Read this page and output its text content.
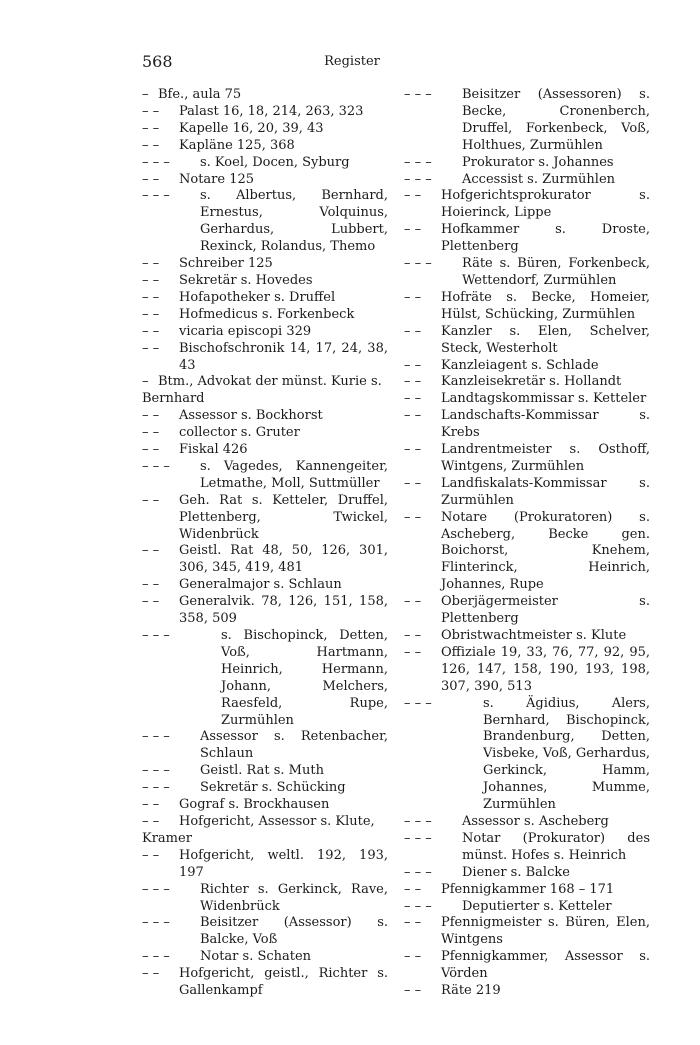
568	Register
– Bfe., aula 75
– –	Palast 16, 18, 214, 263, 323
– –	Kapelle 16, 20, 39, 43
– –	Kapläne 125, 368
– – –	s. Koel, Docen, Syburg
– –	Notare 125
– – –	s. Albertus, Bernhard, Ernestus, Volquinus, Gerhardus, Lubbert, Rexinck, Rolandus, Themo
– –	Schreiber 125
– –	Sekretär s. Hovedes
– –	Hofapotheker s. Druffel
– –	Hofmedicus s. Forkenbeck
– –	vicaria episcopi 329
– –	Bischofschronik 14, 17, 24, 38, 43
– Btm., Advokat der münst. Kurie s.
Bernhard
– –	Assessor s. Bockhorst
– –	collector s. Gruter
– –	Fiskal 426
– – –	s. Vagedes, Kannengeiter, Letmathe, Moll, Suttmüller
– –	Geh. Rat s. Ketteler, Druffel, Plettenberg, Twickel, Widenbrück
– –	Geistl. Rat 48, 50, 126, 301, 306, 345, 419, 481
– –	Generalmajor s. Schlaun
– –	Generalvik. 78, 126, 151, 158, 358, 509
– – –	s. Bischopinck, Detten, Voß, Hartmann, Heinrich, Hermann, Johann, Melchers, Raesfeld, Rupe, Zurmühlen
– – –	Assessor s. Retenbacher, Schlaun
– – –	Geistl. Rat s. Muth
– – –	Sekretär s. Schücking
– –	Gograf s. Brockhausen
– –	Hofgericht, Assessor s. Klute,
Kramer
– –	Hofgericht, weltl. 192, 193, 197
– – –	Richter s. Gerkinck, Rave, Widenbrück
– – –	Beisitzer (Assessor) s. Balcke, Voß
– – –	Notar s. Schaten
– –	Hofgericht, geistl., Richter s. Gallenkampf
– – –	Beisitzer (Assessoren) s. Becke, Cronenberch, Druffel, Forkenbeck, Voß, Holthues, Zurmühlen
– – –	Prokurator s. Johannes
– – –	Accessist s. Zurmühlen
– –	Hofgerichtsprokurator s. Hoierinck, Lippe
– –	Hofkammer s. Droste, Plettenberg
– – –	Räte s. Büren, Forkenbeck, Wettendorf, Zurmühlen
– –	Hofräte s. Becke, Homeier, Hülst, Schücking, Zurmühlen
– –	Kanzler s. Elen, Schelver, Steck, Westerholt
– –	Kanzleiagent s. Schlade
– –	Kanzleisekretär s. Hollandt
– –	Landtagskommissar s. Ketteler
– –	Landschafts-Kommissar s. Krebs
– –	Landrentmeister s. Osthoff, Wintgens, Zurmühlen
– –	Landfiskalats-Kommissar s. Zurmühlen
– –	Notare (Prokuratoren) s. Ascheberg, Becke gen. Boichorst, Knehem, Flinterinck, Heinrich, Johannes, Rupe
– –	Oberjägermeister s. Plettenberg
– –	Obristwachtmeister s. Klute
– –	Offiziale 19, 33, 76, 77, 92, 95, 126, 147, 158, 190, 193, 198, 307, 390, 513
– – –	s. Ägidius, Alers, Bernhard, Bischopinck, Brandenburg, Detten, Visbeke, Voß, Gerhardus, Gerkinck, Hamm, Johannes, Mumme, Zurmühlen
– – –	Assessor s. Ascheberg
– – –	Notar (Prokurator) des münst. Hofes s. Heinrich
– – –	Diener s. Balcke
– –	Pfennigkammer 168 – 171
– – –	Deputierter s. Ketteler
– –	Pfennigmeister s. Büren, Elen, Wintgens
– –	Pfennigkammer, Assessor s. Vörden
– –	Räte 219
